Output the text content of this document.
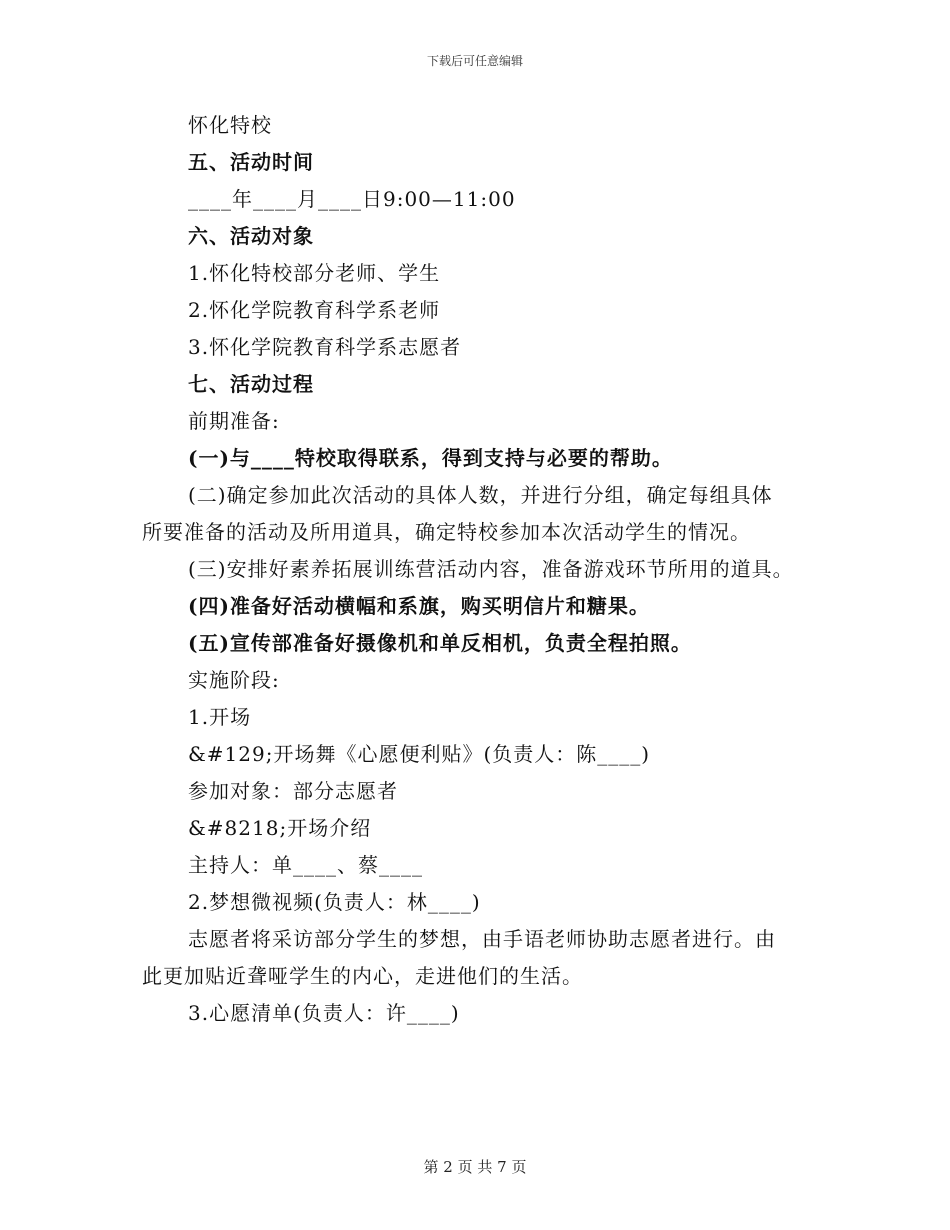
下载后可任意编辑
怀化特校
五、活动时间
____年____月____日9:00—11:00
六、活动对象
1.怀化特校部分老师、学生
2.怀化学院教育科学系老师
3.怀化学院教育科学系志愿者
七、活动过程
前期准备:
(一)与____特校取得联系，得到支持与必要的帮助。
(二)确定参加此次活动的具体人数，并进行分组，确定每组具体
所要准备的活动及所用道具，确定特校参加本次活动学生的情况。
(三)安排好素养拓展训练营活动内容，准备游戏环节所用的道具。
(四)准备好活动横幅和系旗，购买明信片和糖果。
(五)宣传部准备好摄像机和单反相机，负责全程拍照。
实施阶段:
1.开场
&#129;开场舞《心愿便利贴》(负责人：陈____)
参加对象：部分志愿者
&#8218;开场介绍
主持人：单____、蔡____
2.梦想微视频(负责人：林____)
志愿者将采访部分学生的梦想，由手语老师协助志愿者进行。由
此更加贴近聋哑学生的内心，走进他们的生活。
3.心愿清单(负责人：许____)
第 2 页 共 7 页
